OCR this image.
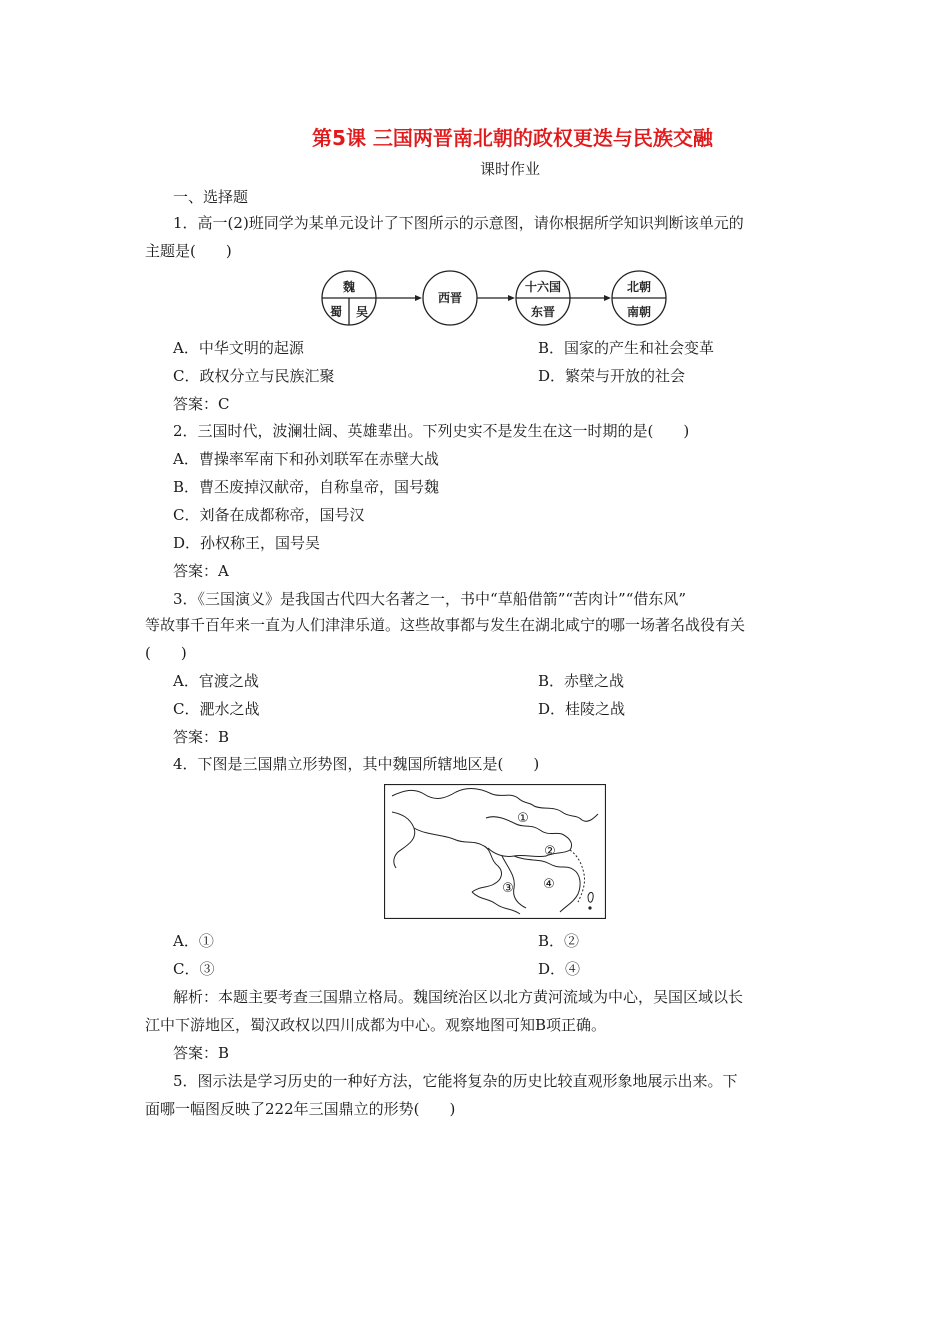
第5课 三国两晋南北朝的政权更迭与民族交融
课时作业
一、选择题
1．高一(2)班同学为某单元设计了下图所示的示意图，请你根据所学知识判断该单元的
主题是(　　)
魏
蜀 吴
西晋
十六国
东晋
北朝
南朝
A．中华文明的起源	B．国家的产生和社会变革
C．政权分立与民族汇聚	D．繁荣与开放的社会
答案：C
2．三国时代，波澜壮阔、英雄辈出。下列史实不是发生在这一时期的是(　　)
A．曹操率军南下和孙刘联军在赤壁大战
B．曹丕废掉汉献帝，自称皇帝，国号魏
C．刘备在成都称帝，国号汉
D．孙权称王，国号吴
答案：A
3．《三国演义》是我国古代四大名著之一，书中“草船借箭”“苦肉计”“借东风”
等故事千百年来一直为人们津津乐道。这些故事都与发生在湖北咸宁的哪一场著名战役有关
(　　)
A．官渡之战	B．赤壁之战
C．淝水之战	D．桂陵之战
答案：B
4．下图是三国鼎立形势图，其中魏国所辖地区是(　　)
①
②
③ ④
A．①	B．②
C．③	D．④
解析：本题主要考查三国鼎立格局。魏国统治区以北方黄河流域为中心，吴国区域以长
江中下游地区，蜀汉政权以四川成都为中心。观察地图可知B项正确。
答案：B
5．图示法是学习历史的一种好方法，它能将复杂的历史比较直观形象地展示出来。下
面哪一幅图反映了222年三国鼎立的形势(　　)
